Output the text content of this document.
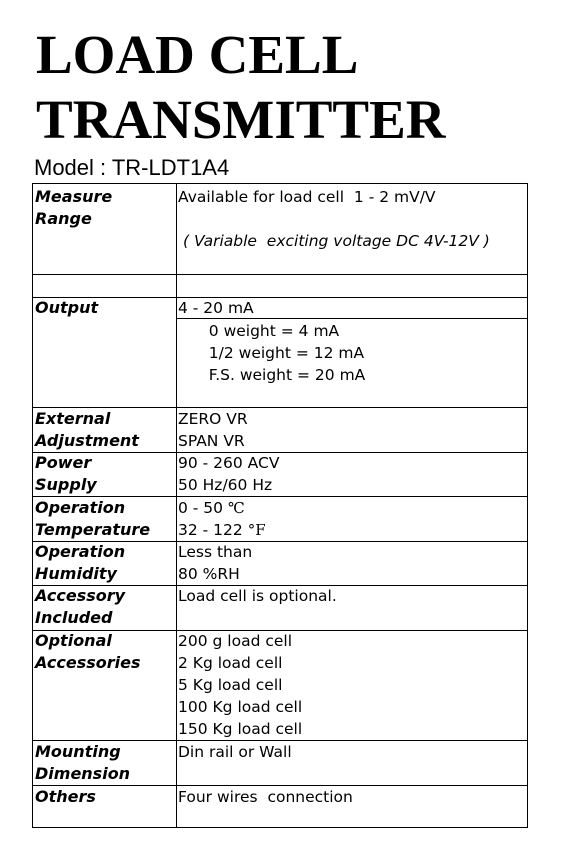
LOAD CELL
TRANSMITTER
Model : TR-LDT1A4
Measure
Range
Available for load cell  1 - 2 mV/V
( Variable  exciting voltage DC 4V-12V )
Output	4 - 20 mA
0 weight = 4 mA
1/2 weight = 12 mA
F.S. weight = 20 mA
External
Adjustment
ZERO VR
SPAN VR
Power
Supply
90 - 260 ACV
50 Hz/60 Hz
Operation
Temperature
0 - 50 ℃
32 - 122 °F
Operation
Humidity
Less than
80 %RH
Accessory
Included
Load cell is optional.
Optional
Accessories
200 g load cell
2 Kg load cell
5 Kg load cell
100 Kg load cell
150 Kg load cell
Mounting
Dimension
Din rail or Wall
Others	Four wires  connection
